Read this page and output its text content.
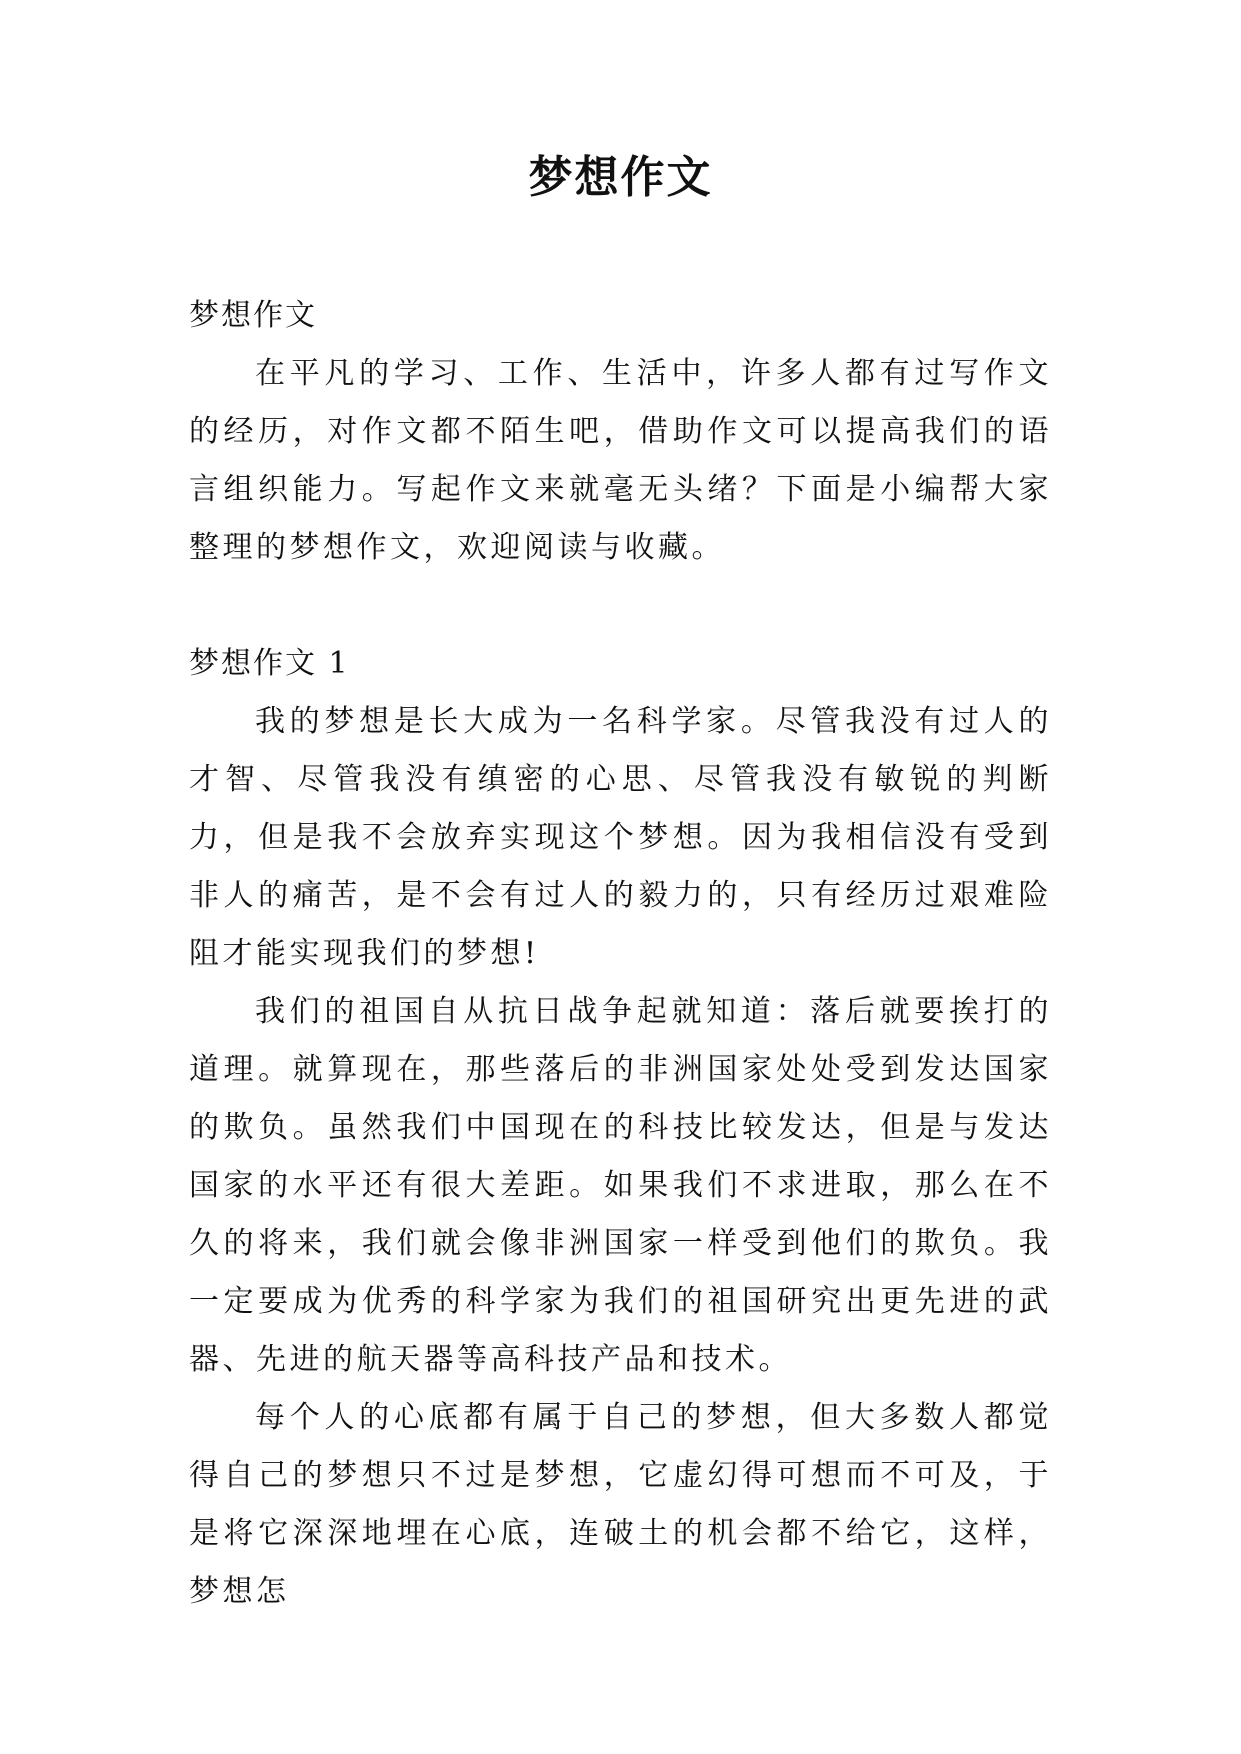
梦想作文

梦想作文

在平凡的学习、工作、生活中，许多人都有过写作文的经历，对作文都不陌生吧，借助作文可以提高我们的语言组织能力。写起作文来就毫无头绪？下面是小编帮大家整理的梦想作文，欢迎阅读与收藏。

梦想作文 1

我的梦想是长大成为一名科学家。尽管我没有过人的才智、尽管我没有缜密的心思、尽管我没有敏锐的判断力，但是我不会放弃实现这个梦想。因为我相信没有受到非人的痛苦，是不会有过人的毅力的，只有经历过艰难险阻才能实现我们的梦想!

我们的祖国自从抗日战争起就知道：落后就要挨打的道理。就算现在，那些落后的非洲国家处处受到发达国家的欺负。虽然我们中国现在的科技比较发达，但是与发达国家的水平还有很大差距。如果我们不求进取，那么在不久的将来，我们就会像非洲国家一样受到他们的欺负。我一定要成为优秀的科学家为我们的祖国研究出更先进的武器、先进的航天器等高科技产品和技术。

每个人的心底都有属于自己的梦想，但大多数人都觉得自己的梦想只不过是梦想，它虚幻得可想而不可及，于是将它深深地埋在心底，连破土的机会都不给它，这样，梦想怎
